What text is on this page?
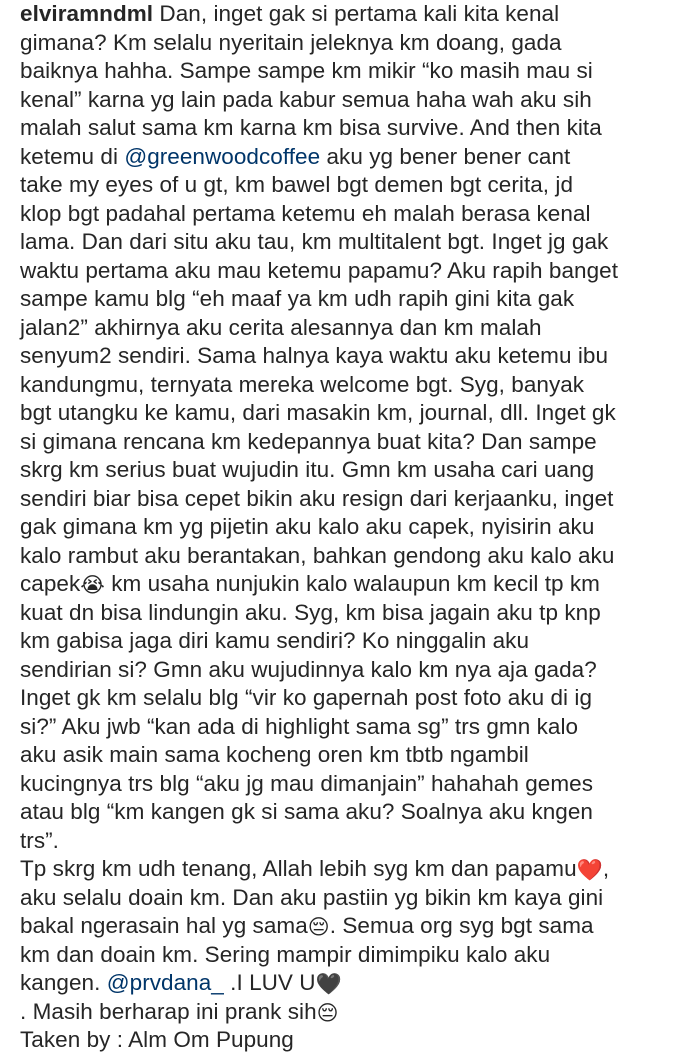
elviramndml Dan, inget gak si pertama kali kita kenal
gimana? Km selalu nyeritain jeleknya km doang, gada
baiknya hahha. Sampe sampe km mikir “ko masih mau si
kenal” karna yg lain pada kabur semua haha wah aku sih
malah salut sama km karna km bisa survive. And then kita
ketemu di @greenwoodcoffee aku yg bener bener cant
take my eyes of u gt, km bawel bgt demen bgt cerita, jd
klop bgt padahal pertama ketemu eh malah berasa kenal
lama. Dan dari situ aku tau, km multitalent bgt. Inget jg gak
waktu pertama aku mau ketemu papamu? Aku rapih banget
sampe kamu blg “eh maaf ya km udh rapih gini kita gak
jalan2” akhirnya aku cerita alesannya dan km malah
senyum2 sendiri. Sama halnya kaya waktu aku ketemu ibu
kandungmu, ternyata mereka welcome bgt. Syg, banyak
bgt utangku ke kamu, dari masakin km, journal, dll. Inget gk
si gimana rencana km kedepannya buat kita? Dan sampe
skrg km serius buat wujudin itu. Gmn km usaha cari uang
sendiri biar bisa cepet bikin aku resign dari kerjaanku, inget
gak gimana km yg pijetin aku kalo aku capek, nyisirin aku
kalo rambut aku berantakan, bahkan gendong aku kalo aku
capek😭 km usaha nunjukin kalo walaupun km kecil tp km
kuat dn bisa lindungin aku. Syg, km bisa jagain aku tp knp
km gabisa jaga diri kamu sendiri? Ko ninggalin aku
sendirian si? Gmn aku wujudinnya kalo km nya aja gada?
Inget gk km selalu blg “vir ko gapernah post foto aku di ig
si?” Aku jwb “kan ada di highlight sama sg” trs gmn kalo
aku asik main sama kocheng oren km tbtb ngambil
kucingnya trs blg “aku jg mau dimanjain” hahahah gemes
atau blg “km kangen gk si sama aku? Soalnya aku kngen
trs”.
Tp skrg km udh tenang, Allah lebih syg km dan papamu❤️,
aku selalu doain km. Dan aku pastiin yg bikin km kaya gini
bakal ngerasain hal yg sama😔. Semua org syg bgt sama
km dan doain km. Sering mampir dimimpiku kalo aku
kangen. @prvdana_ .I LUV U🖤
. Masih berharap ini prank sih😔
Taken by : Alm Om Pupung
